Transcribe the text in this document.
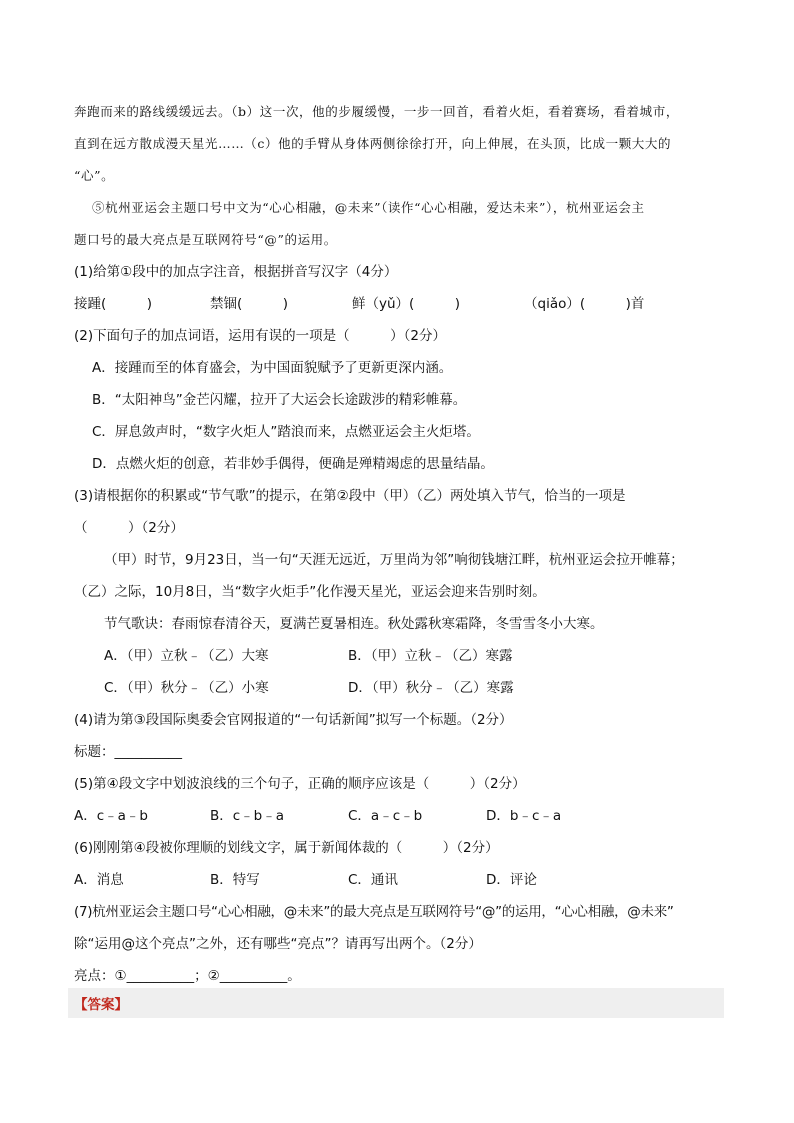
奔跑而来的路线缓缓远去。（b）这一次，他的步履缓慢，一步一回首，看着火炬，看着赛场，看着城市，
直到在远方散成漫天星光……（c）他的手臂从身体两侧徐徐打开，向上伸展，在头顶，比成一颗大大的
“心”。
⑤杭州亚运会主题口号中文为“心心相融，@未来”（读作“心心相融，爱达未来”），杭州亚运会主
题口号的最大亮点是互联网符号“@”的运用。
(1)给第①段中的加点字注音，根据拼音写汉字（4分）
接踵(　　　)	禁锢(　　　)	鲜（yǔ）(　　　)	（qiǎo）(　　　)首
(2)下面句子的加点词语，运用有误的一项是（　　　）（2分）
A．接踵而至的体育盛会，为中国面貌赋予了更新更深内涵。
B．“太阳神鸟”金芒闪耀，拉开了大运会长途跋涉的精彩帷幕。
C．屏息敛声时，“数字火炬人”踏浪而来，点燃亚运会主火炬塔。
D．点燃火炬的创意，若非妙手偶得，便确是殚精竭虑的思量结晶。
(3)请根据你的积累或“节气歌”的提示，在第②段中（甲）（乙）两处填入节气，恰当的一项是
（　　　）（2分）
（甲）时节，9月23日，当一句“天涯无远近，万里尚为邻”响彻钱塘江畔，杭州亚运会拉开帷幕；
（乙）之际，10月8日，当“数字火炬手”化作漫天星光，亚运会迎来告别时刻。
节气歌诀：春雨惊春清谷天，夏满芒夏暑相连。秋处露秋寒霜降，冬雪雪冬小大寒。
A．（甲）立秋﹣（乙）大寒	B．（甲）立秋﹣（乙）寒露
C．（甲）秋分﹣（乙）小寒	D．（甲）秋分﹣（乙）寒露
(4)请为第③段国际奥委会官网报道的“一句话新闻”拟写一个标题。（2分）
标题：__________
(5)第④段文字中划波浪线的三个句子，正确的顺序应该是（　　　）（2分）
A．c﹣a﹣b	B．c﹣b﹣a	C．a﹣c﹣b	D．b﹣c﹣a
(6)刚刚第④段被你理顺的划线文字，属于新闻体裁的（　　　）（2分）
A．消息	B．特写	C．通讯	D．评论
(7)杭州亚运会主题口号“心心相融，@未来”的最大亮点是互联网符号“@”的运用，“心心相融，@未来”
除“运用@这个亮点”之外，还有哪些“亮点”？请再写出两个。（2分）
亮点：①__________；②__________。
【答案】
